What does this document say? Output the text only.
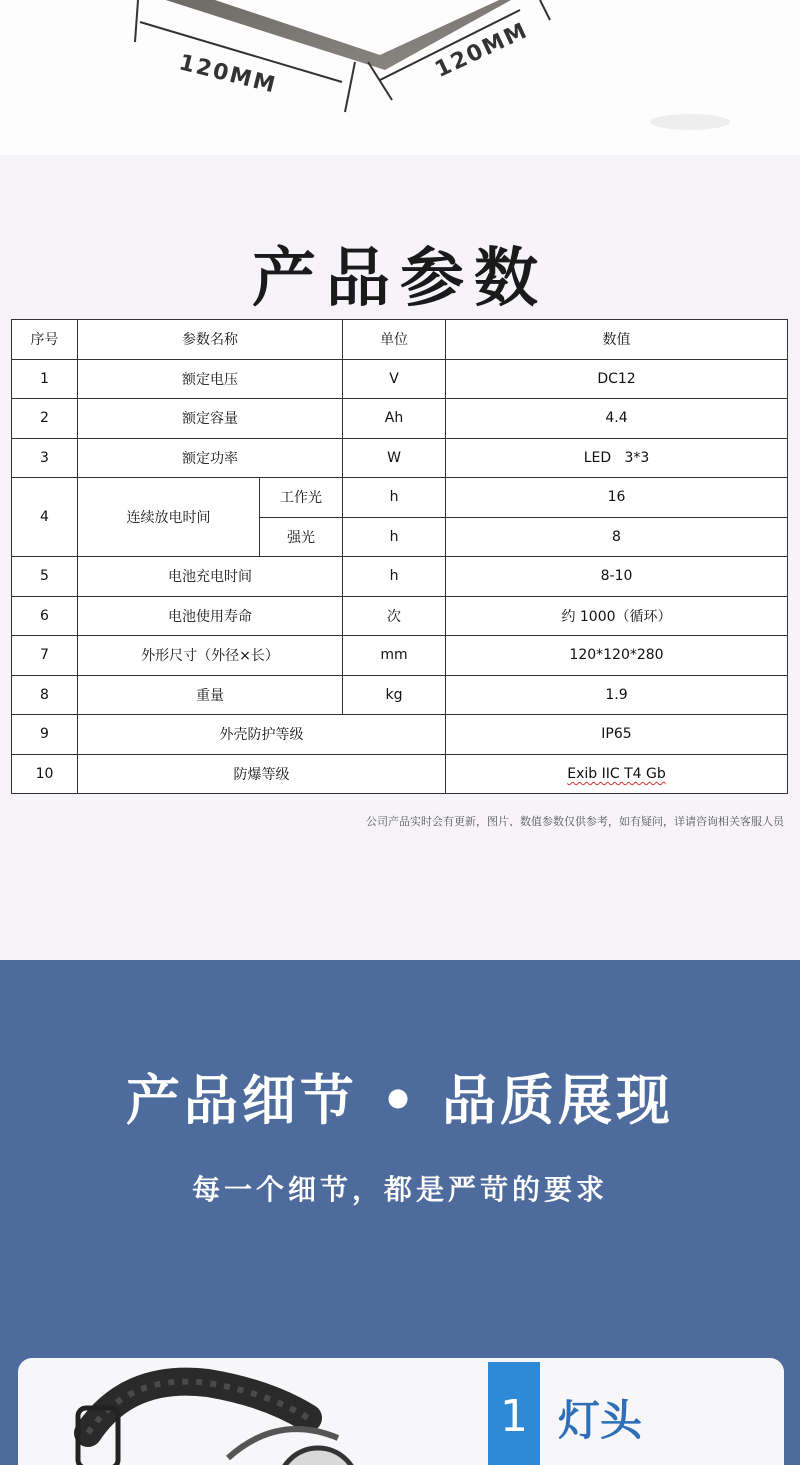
120MM	120MM
产品参数
序号	参数名称		单位	数值
1	额定电压		V	DC12
2	额定容量		Ah	4.4
3	额定功率		W	LED   3*3
4	连续放电时间	工作光	h	16
		强光	h	8
5	电池充电时间		h	8-10
6	电池使用寿命		次	约 1000（循环）
7	外形尺寸（外径×长）		mm	120*120*280
8	重量		kg	1.9
9	外壳防护等级			IP65
10	防爆等级			Exib IIC T4 Gb
公司产品实时会有更新，图片、数值参数仅供参考，如有疑问，详请咨询相关客服人员
产品细节 • 品质展现
每一个细节，都是严苛的要求
1 灯头
